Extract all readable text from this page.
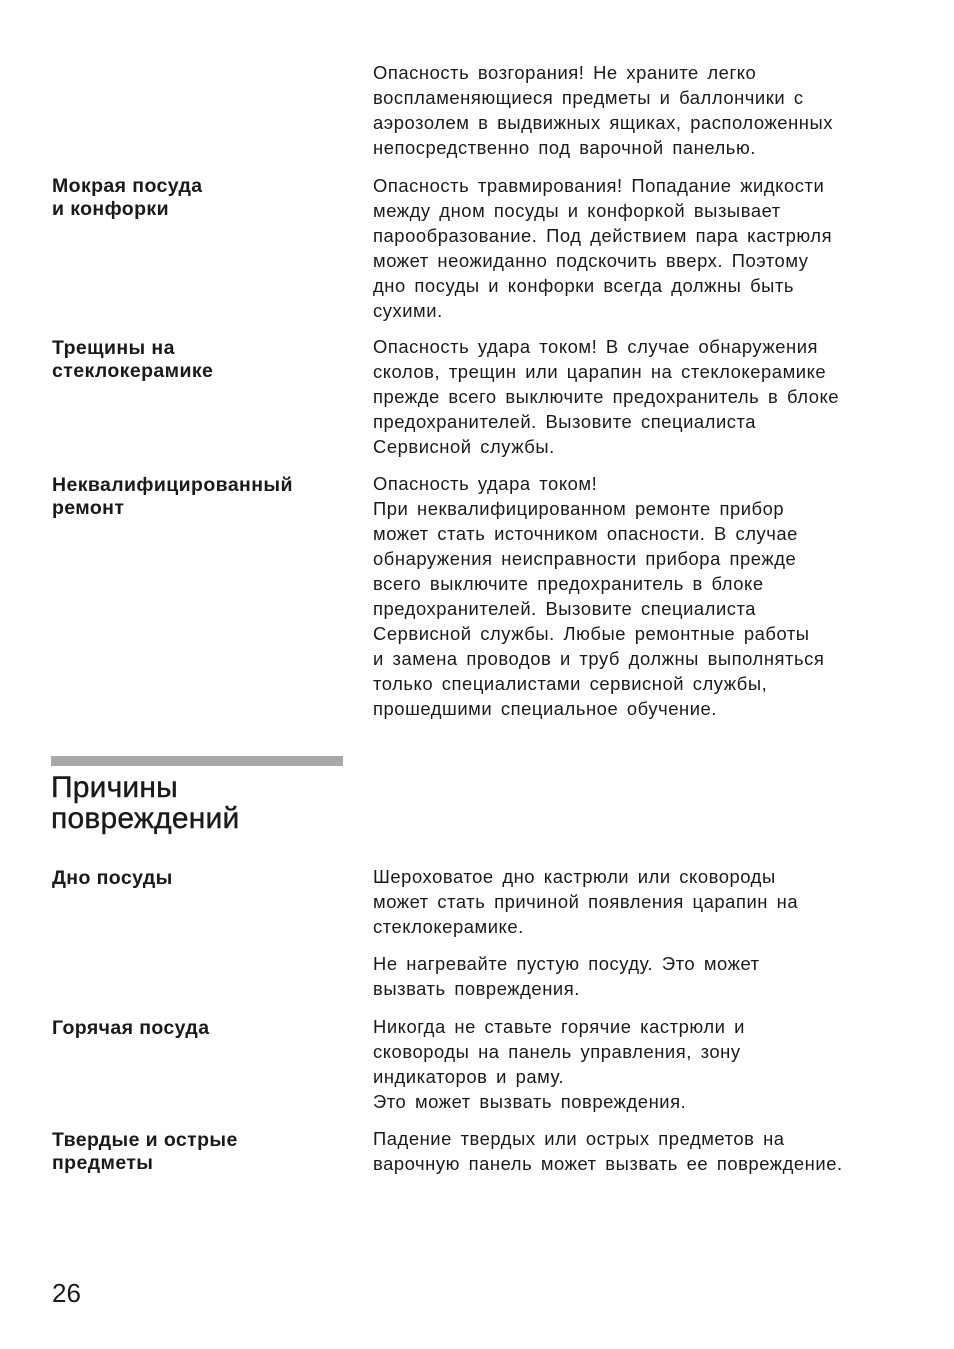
Опасность возгорания! Не храните легко
воспламеняющиеся предметы и баллончики с
аэрозолем в выдвижных ящиках, расположенных
непосредственно под варочной панелью.
Мокрая посуда
и конфорки
Опасность травмирования! Попадание жидкости
между дном посуды и конфоркой вызывает
парообразование. Под действием пара кастрюля
может неожиданно подскочить вверх. Поэтому
дно посуды и конфорки всегда должны быть
сухими.
Трещины на
стеклокерамике
Опасность удара током! В случае обнаружения
сколов, трещин или царапин на стеклокерамике
прежде всего выключите предохранитель в блоке
предохранителей. Вызовите специалиста
Сервисной службы.
Неквалифицированный
ремонт
Опасность удара током!
При неквалифицированном ремонте прибор
может стать источником опасности. В случае
обнаружения неисправности прибора прежде
всего выключите предохранитель в блоке
предохранителей. Вызовите специалиста
Сервисной службы. Любые ремонтные работы
и замена проводов и труб должны выполняться
только специалистами сервисной службы,
прошедшими специальное обучение.
Причины
повреждений
Дно посуды	Шероховатое дно кастрюли или сковороды
может стать причиной появления царапин на
стеклокерамике.
Не нагревайте пустую посуду. Это может
вызвать повреждения.
Горячая посуда	Никогда не ставьте горячие кастрюли и
сковороды на панель управления, зону
индикаторов и раму.
Это может вызвать повреждения.
Твердые и острые
предметы
Падение твердых или острых предметов на
варочную панель может вызвать ее повреждение.
26
